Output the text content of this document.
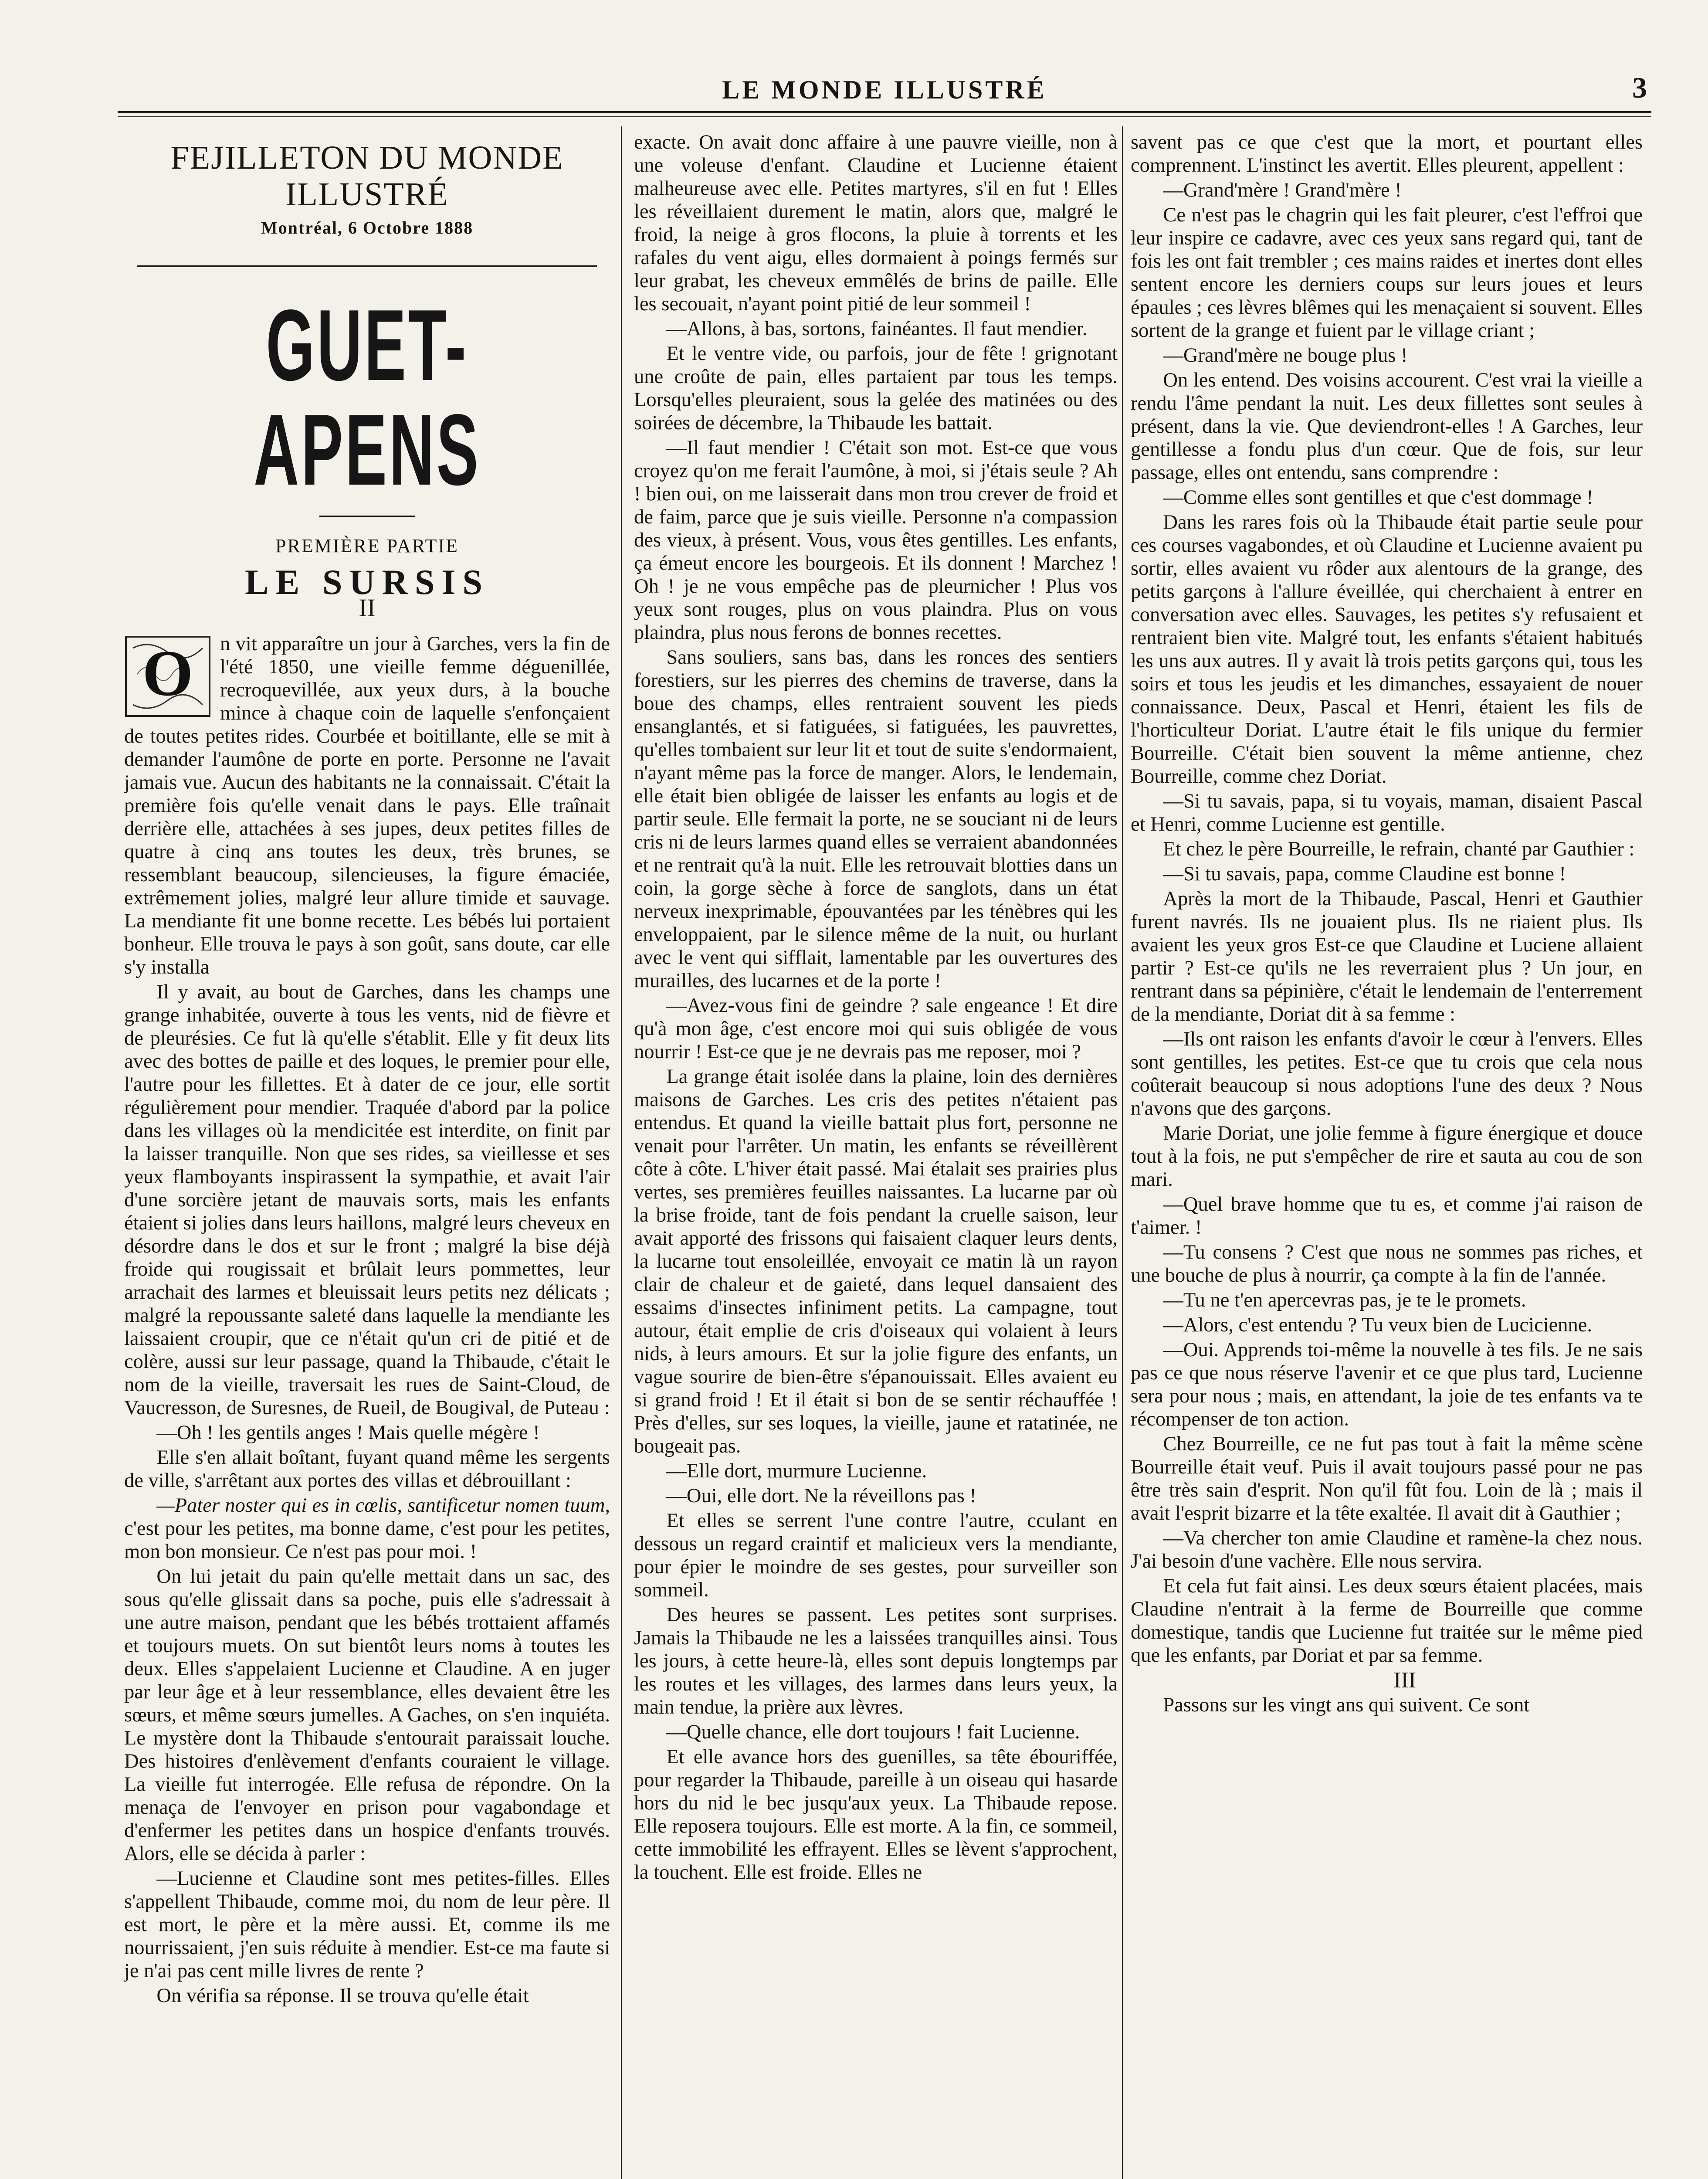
LE MONDE ILLUSTRÉ	3
FEJILLETON DU MONDE ILLUSTRÉ
Montréal, 6 Octobre 1888
GUET-APENS
PREMIÈRE PARTIE
LE SURSIS
II

O n vit apparaître un jour à Garches, vers la fin de l'été 1850, une vieille femme déguenillée, recroquevillée, aux yeux durs, à la bouche mince à chaque coin de laquelle s'enfonçaient de toutes petites rides. Courbée et boitillante, elle se mit à demander l'aumône de porte en porte. Personne ne l'avait jamais vue. Aucun des habitants ne la connaissait. C'était la première fois qu'elle venait dans le pays. Elle traînait derrière elle, attachées à ses jupes, deux petites filles de quatre à cinq ans toutes les deux, très brunes, se ressemblant beaucoup, silencieuses, la figure émaciée, extrêmement jolies, malgré leur allure timide et sauvage. La mendiante fit une bonne recette. Les bébés lui portaient bonheur. Elle trouva le pays à son goût, sans doute, car elle s'y installa

Il y avait, au bout de Garches, dans les champs une grange inhabitée, ouverte à tous les vents, nid de fièvre et de pleurésies. Ce fut là qu'elle s'établit. Elle y fit deux lits avec des bottes de paille et des loques, le premier pour elle, l'autre pour les fillettes. Et à dater de ce jour, elle sortit régulièrement pour mendier. Traquée d'abord par la police dans les villages où la mendicitée est interdite, on finit par la laisser tranquille. Non que ses rides, sa vieillesse et ses yeux flamboyants inspirassent la sympathie, et avait l'air d'une sorcière jetant de mauvais sorts, mais les enfants étaient si jolies dans leurs haillons, malgré leurs cheveux en désordre dans le dos et sur le front ; malgré la bise déjà froide qui rougissait et brûlait leurs pommettes, leur arrachait des larmes et bleuissait leurs petits nez délicats ; malgré la repoussante saleté dans laquelle la mendiante les laissaient croupir, que ce n'était qu'un cri de pitié et de colère, aussi sur leur passage, quand la Thibaude, c'était le nom de la vieille, traversait les rues de Saint-Cloud, de Vaucresson, de Suresnes, de Rueil, de Bougival, de Puteau :

—Oh ! les gentils anges ! Mais quelle mégère !

Elle s'en allait boîtant, fuyant quand même les sergents de ville, s'arrêtant aux portes des villas et débrouillant :

—Pater noster qui es in cœlis, santificetur nomen tuum, c'est pour les petites, ma bonne dame, c'est pour les petites, mon bon monsieur. Ce n'est pas pour moi. !

On lui jetait du pain qu'elle mettait dans un sac, des sous qu'elle glissait dans sa poche, puis elle s'adressait à une autre maison, pendant que les bébés trottaient affamés et toujours muets. On sut bientôt leurs noms à toutes les deux. Elles s'appelaient Lucienne et Claudine. A en juger par leur âge et à leur ressemblance, elles devaient être les sœurs, et même sœurs jumelles. A Gaches, on s'en inquiéta. Le mystère dont la Thibaude s'entourait paraissait louche. Des histoires d'enlèvement d'enfants couraient le village. La vieille fut interrogée. Elle refusa de répondre. On la menaça de l'envoyer en prison pour vagabondage et d'enfermer les petites dans un hospice d'enfants trouvés. Alors, elle se décida à parler :

—Lucienne et Claudine sont mes petites-filles. Elles s'appellent Thibaude, comme moi, du nom de leur père. Il est mort, le père et la mère aussi. Et, comme ils me nourrissaient, j'en suis réduite à mendier. Est-ce ma faute si je n'ai pas cent mille livres de rente ?

On vérifia sa réponse. Il se trouva qu'elle était

exacte. On avait donc affaire à une pauvre vieille, non à une voleuse d'enfant. Claudine et Lucienne étaient malheureuse avec elle. Petites martyres, s'il en fut ! Elles les réveillaient durement le matin, alors que, malgré le froid, la neige à gros flocons, la pluie à torrents et les rafales du vent aigu, elles dormaient à poings fermés sur leur grabat, les cheveux emmêlés de brins de paille. Elle les secouait, n'ayant point pitié de leur sommeil !

—Allons, à bas, sortons, fainéantes. Il faut mendier.

Et le ventre vide, ou parfois, jour de fête ! grignotant une croûte de pain, elles partaient par tous les temps. Lorsqu'elles pleuraient, sous la gelée des matinées ou des soirées de décembre, la Thibaude les battait.

—Il faut mendier ! C'était son mot. Est-ce que vous croyez qu'on me ferait l'aumône, à moi, si j'étais seule ? Ah ! bien oui, on me laisserait dans mon trou crever de froid et de faim, parce que je suis vieille. Personne n'a compassion des vieux, à présent. Vous, vous êtes gentilles. Les enfants, ça émeut encore les bourgeois. Et ils donnent ! Marchez ! Oh ! je ne vous empêche pas de pleurnicher ! Plus vos yeux sont rouges, plus on vous plaindra. Plus on vous plaindra, plus nous ferons de bonnes recettes.

Sans souliers, sans bas, dans les ronces des sentiers forestiers, sur les pierres des chemins de traverse, dans la boue des champs, elles rentraient souvent les pieds ensanglantés, et si fatiguées, si fatiguées, les pauvrettes, qu'elles tombaient sur leur lit et tout de suite s'endormaient, n'ayant même pas la force de manger. Alors, le lendemain, elle était bien obligée de laisser les enfants au logis et de partir seule. Elle fermait la porte, ne se souciant ni de leurs cris ni de leurs larmes quand elles se verraient abandonnées et ne rentrait qu'à la nuit. Elle les retrouvait blotties dans un coin, la gorge sèche à force de sanglots, dans un état nerveux inexprimable, épouvantées par les ténèbres qui les enveloppaient, par le silence même de la nuit, ou hurlant avec le vent qui sifflait, lamentable par les ouvertures des murailles, des lucarnes et de la porte !

—Avez-vous fini de geindre ? sale engeance ! Et dire qu'à mon âge, c'est encore moi qui suis obligée de vous nourrir ! Est-ce que je ne devrais pas me reposer, moi ?

La grange était isolée dans la plaine, loin des dernières maisons de Garches. Les cris des petites n'étaient pas entendus. Et quand la vieille battait plus fort, personne ne venait pour l'arrêter. Un matin, les enfants se réveillèrent côte à côte. L'hiver était passé. Mai étalait ses prairies plus vertes, ses premières feuilles naissantes. La lucarne par où la brise froide, tant de fois pendant la cruelle saison, leur avait apporté des frissons qui faisaient claquer leurs dents, la lucarne tout ensoleillée, envoyait ce matin là un rayon clair de chaleur et de gaieté, dans lequel dansaient des essaims d'insectes infiniment petits. La campagne, tout autour, était emplie de cris d'oiseaux qui volaient à leurs nids, à leurs amours. Et sur la jolie figure des enfants, un vague sourire de bien-être s'épanouissait. Elles avaient eu si grand froid ! Et il était si bon de se sentir réchauffée ! Près d'elles, sur ses loques, la vieille, jaune et ratatinée, ne bougeait pas.

—Elle dort, murmure Lucienne.

—Oui, elle dort. Ne la réveillons pas !

Et elles se serrent l'une contre l'autre, cculant en dessous un regard craintif et malicieux vers la mendiante, pour épier le moindre de ses gestes, pour surveiller son sommeil.

Des heures se passent. Les petites sont surprises. Jamais la Thibaude ne les a laissées tranquilles ainsi. Tous les jours, à cette heure-là, elles sont depuis longtemps par les routes et les villages, des larmes dans leurs yeux, la main tendue, la prière aux lèvres.

—Quelle chance, elle dort toujours ! fait Lucienne.

Et elle avance hors des guenilles, sa tête ébouriffée, pour regarder la Thibaude, pareille à un oiseau qui hasarde hors du nid le bec jusqu'aux yeux. La Thibaude repose. Elle reposera toujours. Elle est morte. A la fin, ce sommeil, cette immobilité les effrayent. Elles se lèvent s'approchent, la touchent. Elle est froide. Elles ne

savent pas ce que c'est que la mort, et pourtant elles comprennent. L'instinct les avertit. Elles pleurent, appellent :

—Grand'mère ! Grand'mère !

Ce n'est pas le chagrin qui les fait pleurer, c'est l'effroi que leur inspire ce cadavre, avec ces yeux sans regard qui, tant de fois les ont fait trembler ; ces mains raides et inertes dont elles sentent encore les derniers coups sur leurs joues et leurs épaules ; ces lèvres blêmes qui les menaçaient si souvent. Elles sortent de la grange et fuient par le village criant ;

—Grand'mère ne bouge plus !

On les entend. Des voisins accourent. C'est vrai la vieille a rendu l'âme pendant la nuit. Les deux fillettes sont seules à présent, dans la vie. Que deviendront-elles ! A Garches, leur gentillesse a fondu plus d'un cœur. Que de fois, sur leur passage, elles ont entendu, sans comprendre :

—Comme elles sont gentilles et que c'est dommage !

Dans les rares fois où la Thibaude était partie seule pour ces courses vagabondes, et où Claudine et Lucienne avaient pu sortir, elles avaient vu rôder aux alentours de la grange, des petits garçons à l'allure éveillée, qui cherchaient à entrer en conversation avec elles. Sauvages, les petites s'y refusaient et rentraient bien vite. Malgré tout, les enfants s'étaient habitués les uns aux autres. Il y avait là trois petits garçons qui, tous les soirs et tous les jeudis et les dimanches, essayaient de nouer connaissance. Deux, Pascal et Henri, étaient les fils de l'horticulteur Doriat. L'autre était le fils unique du fermier Bourreille. C'était bien souvent la même antienne, chez Bourreille, comme chez Doriat.

—Si tu savais, papa, si tu voyais, maman, disaient Pascal et Henri, comme Lucienne est gentille.

Et chez le père Bourreille, le refrain, chanté par Gauthier :

—Si tu savais, papa, comme Claudine est bonne !

Après la mort de la Thibaude, Pascal, Henri et Gauthier furent navrés. Ils ne jouaient plus. Ils ne riaient plus. Ils avaient les yeux gros Est-ce que Claudine et Luciene allaient partir ? Est-ce qu'ils ne les reverraient plus ? Un jour, en rentrant dans sa pépinière, c'était le lendemain de l'enterrement de la mendiante, Doriat dit à sa femme :

—Ils ont raison les enfants d'avoir le cœur à l'envers. Elles sont gentilles, les petites. Est-ce que tu crois que cela nous coûterait beaucoup si nous adoptions l'une des deux ? Nous n'avons que des garçons.

Marie Doriat, une jolie femme à figure énergique et douce tout à la fois, ne put s'empêcher de rire et sauta au cou de son mari.

—Quel brave homme que tu es, et comme j'ai raison de t'aimer. !

—Tu consens ? C'est que nous ne sommes pas riches, et une bouche de plus à nourrir, ça compte à la fin de l'année.

—Tu ne t'en apercevras pas, je te le promets.

—Alors, c'est entendu ? Tu veux bien de Lucicienne.

—Oui. Apprends toi-même la nouvelle à tes fils. Je ne sais pas ce que nous réserve l'avenir et ce que plus tard, Lucienne sera pour nous ; mais, en attendant, la joie de tes enfants va te récompenser de ton action.

Chez Bourreille, ce ne fut pas tout à fait la même scène Bourreille était veuf. Puis il avait toujours passé pour ne pas être très sain d'esprit. Non qu'il fût fou. Loin de là ; mais il avait l'esprit bizarre et la tête exaltée. Il avait dit à Gauthier ;

—Va chercher ton amie Claudine et ramène-la chez nous. J'ai besoin d'une vachère. Elle nous servira.

Et cela fut fait ainsi. Les deux sœurs étaient placées, mais Claudine n'entrait à la ferme de Bourreille que comme domestique, tandis que Lucienne fut traitée sur le même pied que les enfants, par Doriat et par sa femme.

III

Passons sur les vingt ans qui suivent. Ce sont
